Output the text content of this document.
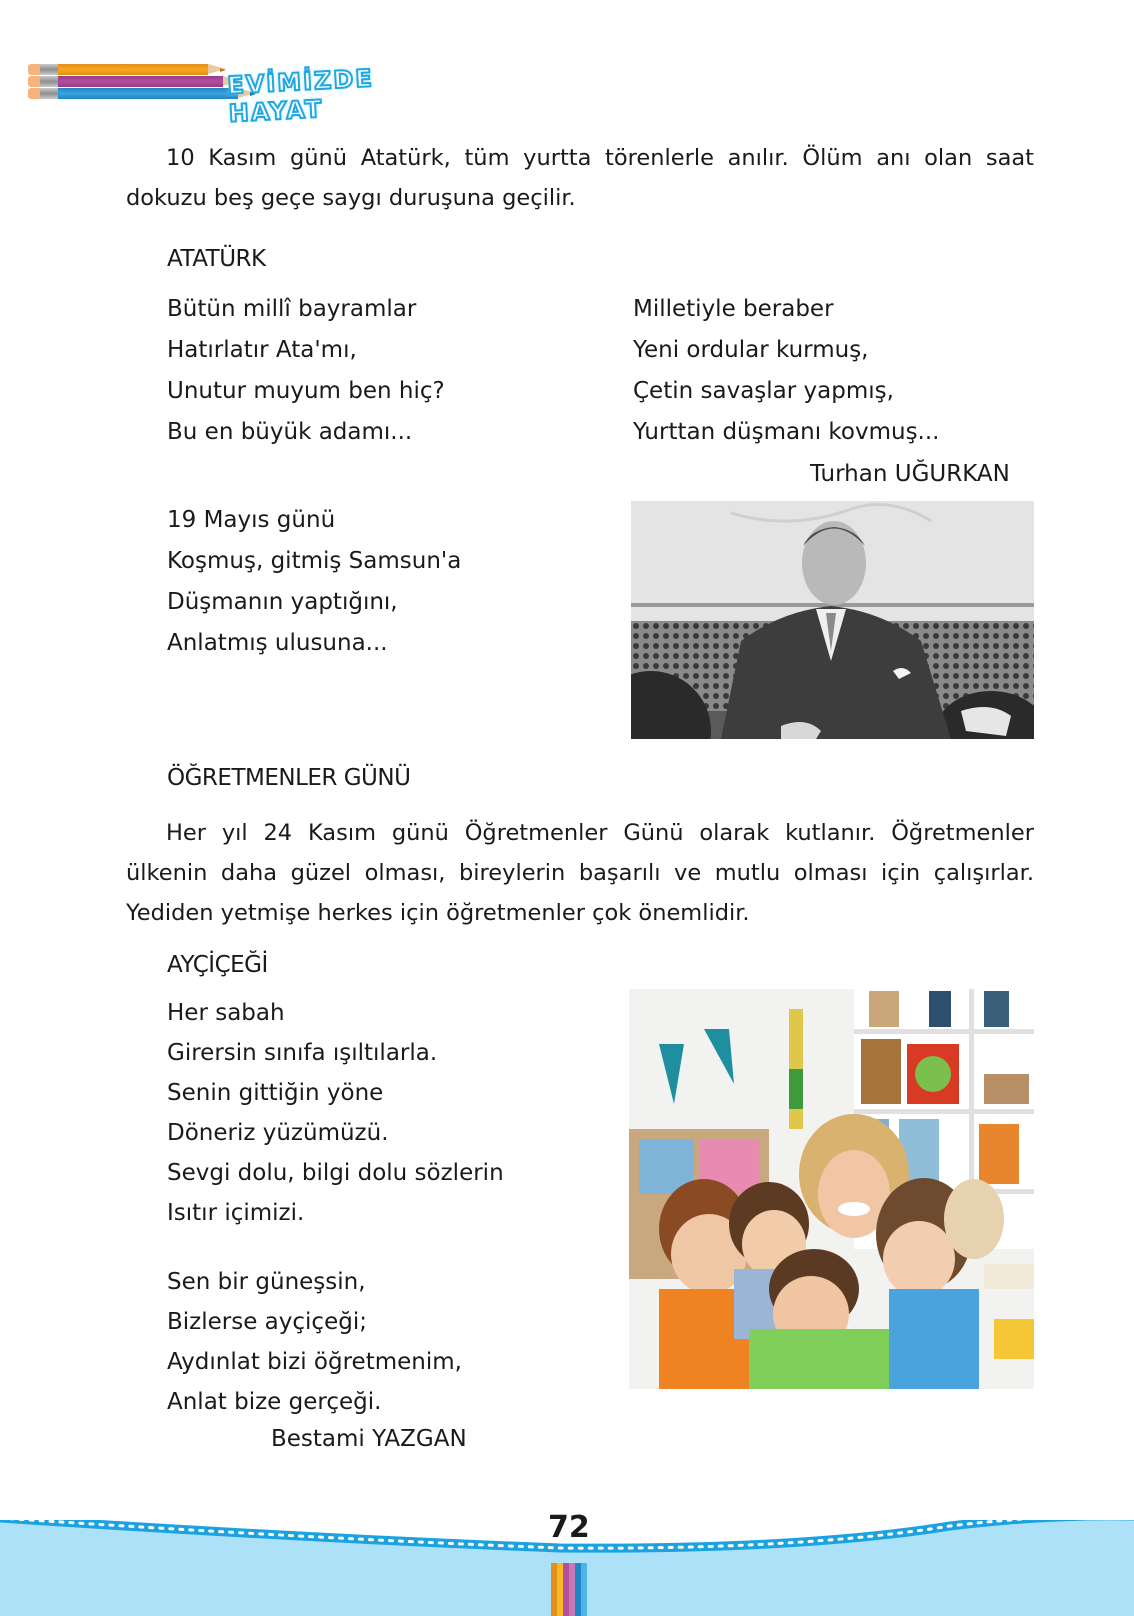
EVİMİZDE HAYAT
10 Kasım günü Atatürk, tüm yurtta törenlerle anılır. Ölüm anı olan saat dokuzu beş geçe saygı duruşuna geçilir.
ATATÜRK
Bütün millî bayramlar
Hatırlatır Ata'mı,
Unutur muyum ben hiç?
Bu en büyük adamı...
19 Mayıs günü
Koşmuş, gitmiş Samsun'a
Düşmanın yaptığını,
Anlatmış ulusuna...
Milletiyle beraber
Yeni ordular kurmuş,
Çetin savaşlar yapmış,
Yurttan düşmanı kovmuş...
Turhan UĞURKAN
ÖĞRETMENLER GÜNÜ
Her yıl 24 Kasım günü Öğretmenler Günü olarak kutlanır. Öğretmenler ülkenin daha güzel olması, bireylerin başarılı ve mutlu olması için çalışırlar. Yediden yetmişe herkes için öğretmenler çok önemlidir.
AYÇİÇEĞİ
Her sabah
Girersin sınıfa ışıltılarla.
Senin gittiğin yöne
Döneriz yüzümüzü.
Sevgi dolu, bilgi dolu sözlerin
Isıtır içimizi.
Sen bir güneşsin,
Bizlerse ayçiçeği;
Aydınlat bizi öğretmenim,
Anlat bize gerçeği.
Bestami YAZGAN
72
